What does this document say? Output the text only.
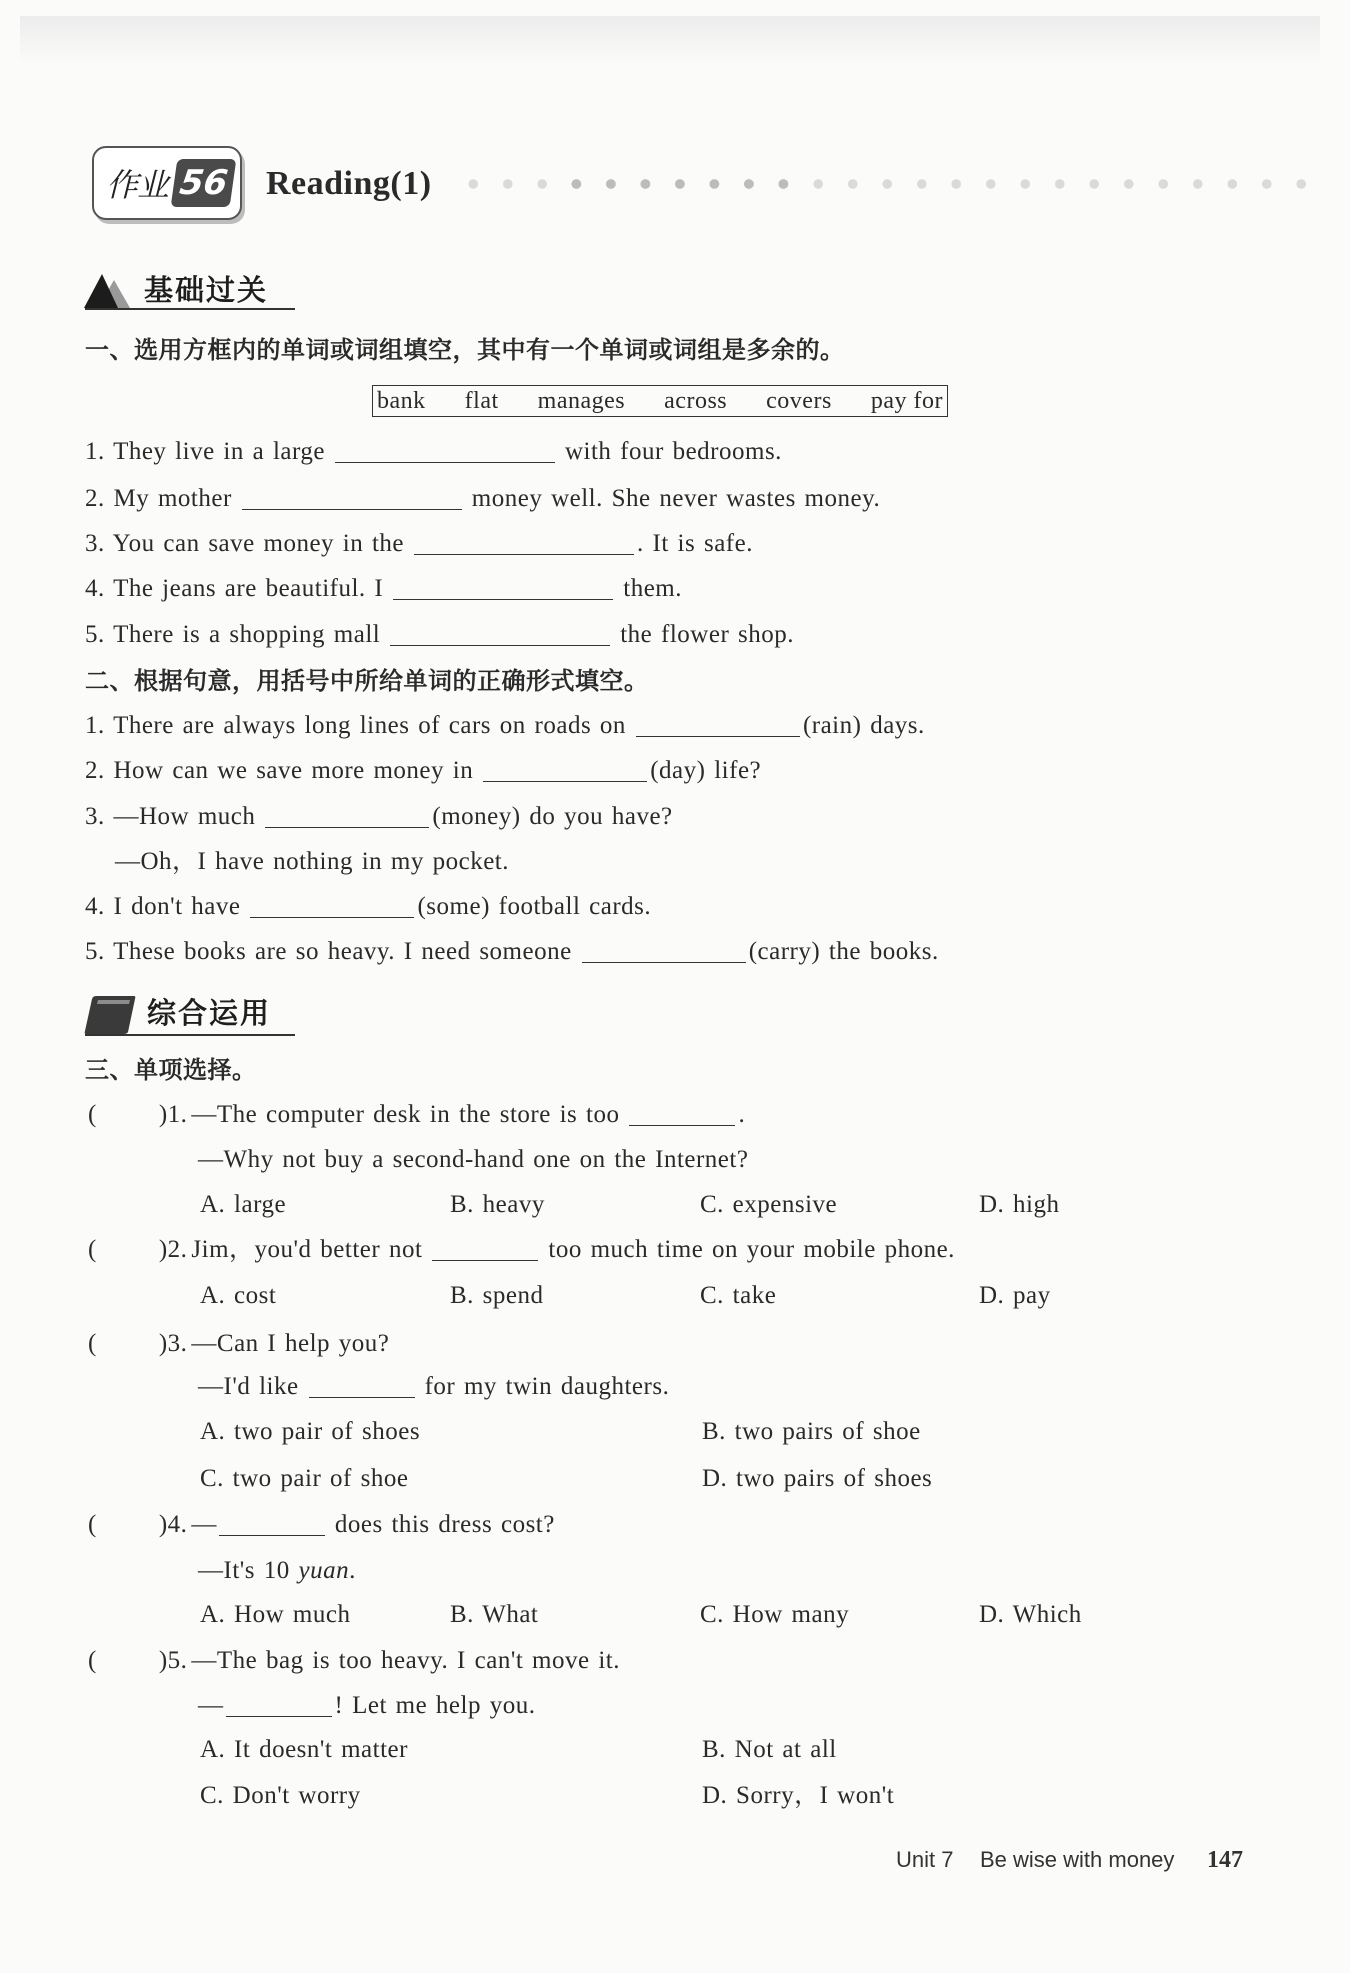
作业 56 Reading(1)
基础过关
一、选用方框内的单词或词组填空，其中有一个单词或词组是多余的。
bank flat manages across covers pay for
1. They live in a large	with four bedrooms.
2. My mother	money well. She never wastes money.
3. You can save money in the	. It is safe.
4. The jeans are beautiful. I	them.
5. There is a shopping mall	the flower shop.
二、根据句意，用括号中所给单词的正确形式填空。
1. There are always long lines of cars on roads on	(rain) days.
2. How can we save more money in	(day) life?
3. —How much	(money) do you have?
—Oh，I have nothing in my pocket.
4. I don't have	(some) football cards.
5. These books are so heavy. I need someone	(carry) the books.
综合运用
三、单项选择。
( )1. —The computer desk in the store is too	.
—Why not buy a second-hand one on the Internet?
A. large	B. heavy	C. expensive	D. high
( )2. Jim，you'd better not	too much time on your mobile phone.
A. cost	B. spend	C. take	D. pay
( )3. —Can I help you?
—I'd like	for my twin daughters.
A. two pair of shoes	B. two pairs of shoe
C. two pair of shoe	D. two pairs of shoes
( )4. —	does this dress cost?
—It's 10 yuan.
A. How much	B. What	C. How many	D. Which
( )5. —The bag is too heavy. I can't move it.
—	! Let me help you.
A. It doesn't matter	B. Not at all
C. Don't worry	D. Sorry，I won't
Unit 7 Be wise with money 147
